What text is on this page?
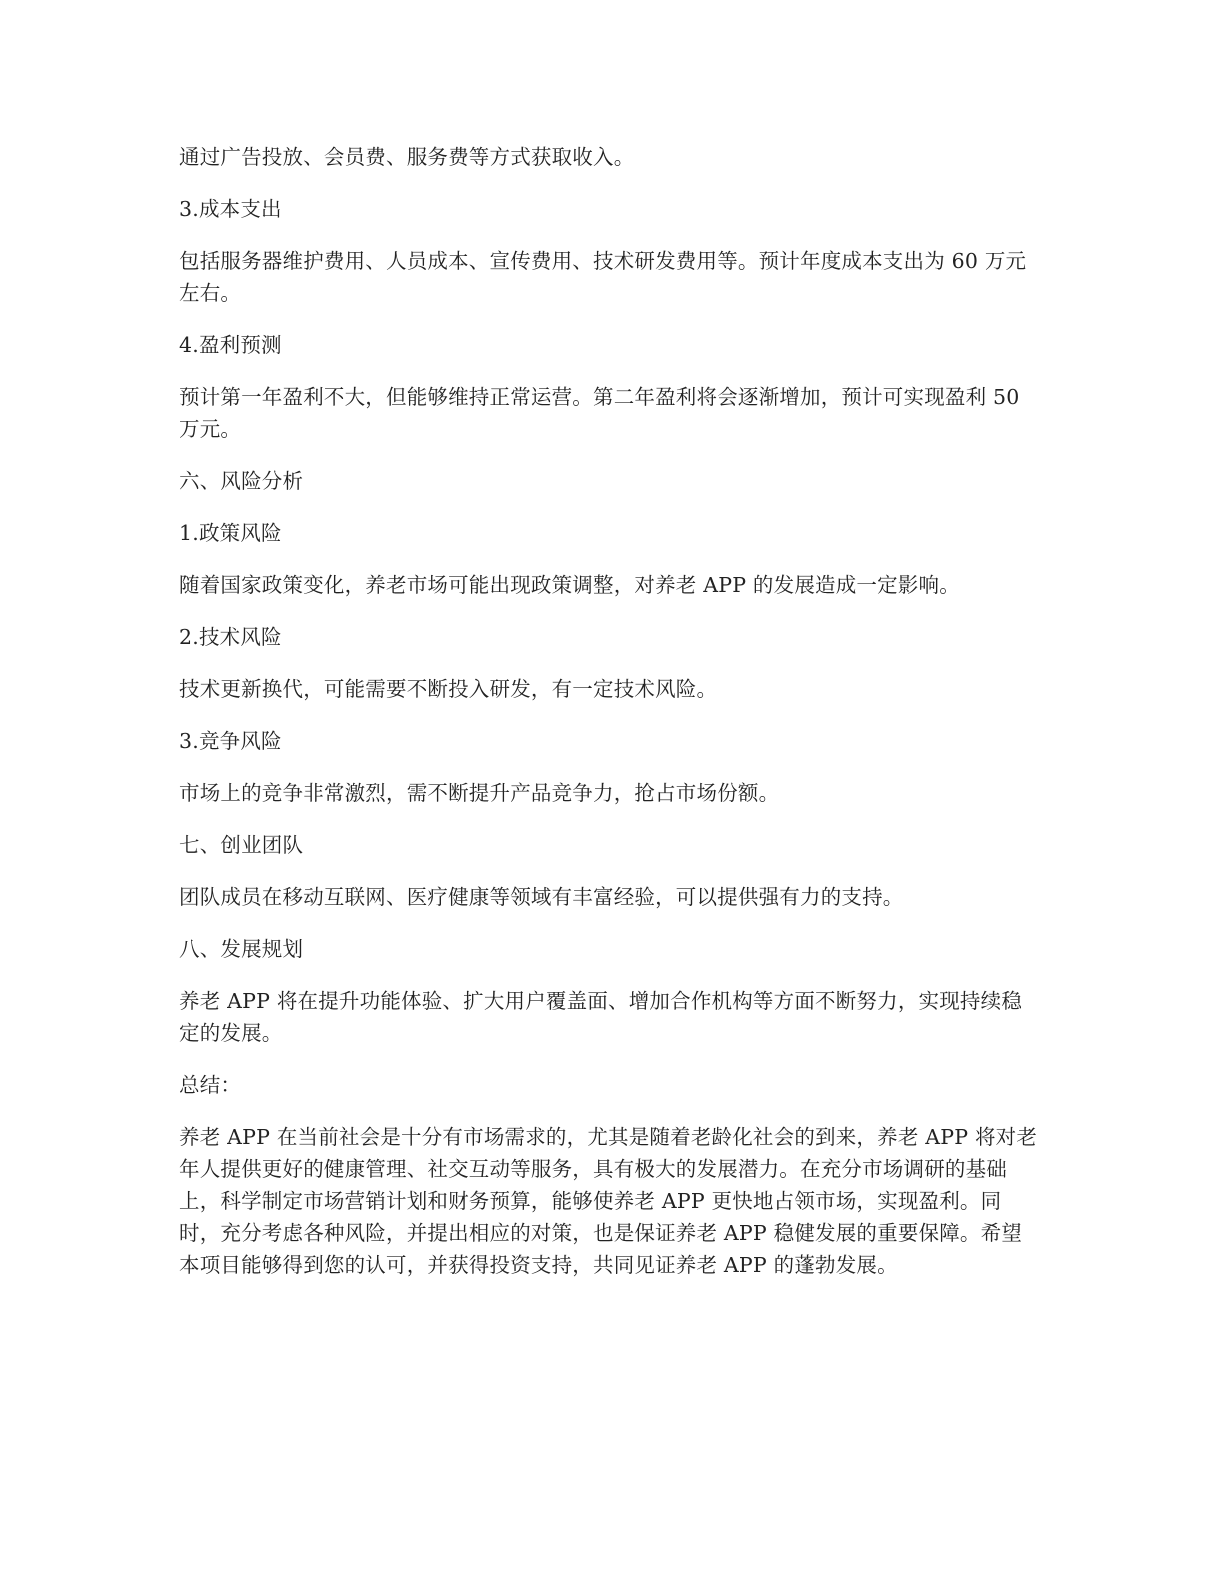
通过广告投放、会员费、服务费等方式获取收入。

3.成本支出

包括服务器维护费用、人员成本、宣传费用、技术研发费用等。预计年度成本支出为 60 万元左右。

4.盈利预测

预计第一年盈利不大，但能够维持正常运营。第二年盈利将会逐渐增加，预计可实现盈利 50 万元。

六、风险分析

1.政策风险

随着国家政策变化，养老市场可能出现政策调整，对养老 APP 的发展造成一定影响。

2.技术风险

技术更新换代，可能需要不断投入研发，有一定技术风险。

3.竞争风险

市场上的竞争非常激烈，需不断提升产品竞争力，抢占市场份额。

七、创业团队

团队成员在移动互联网、医疗健康等领域有丰富经验，可以提供强有力的支持。

八、发展规划

养老 APP 将在提升功能体验、扩大用户覆盖面、增加合作机构等方面不断努力，实现持续稳定的发展。

总结：

养老 APP 在当前社会是十分有市场需求的，尤其是随着老龄化社会的到来，养老 APP 将对老年人提供更好的健康管理、社交互动等服务，具有极大的发展潜力。在充分市场调研的基础上，科学制定市场营销计划和财务预算，能够使养老 APP 更快地占领市场，实现盈利。同时，充分考虑各种风险，并提出相应的对策，也是保证养老 APP 稳健发展的重要保障。希望本项目能够得到您的认可，并获得投资支持，共同见证养老 APP 的蓬勃发展。
